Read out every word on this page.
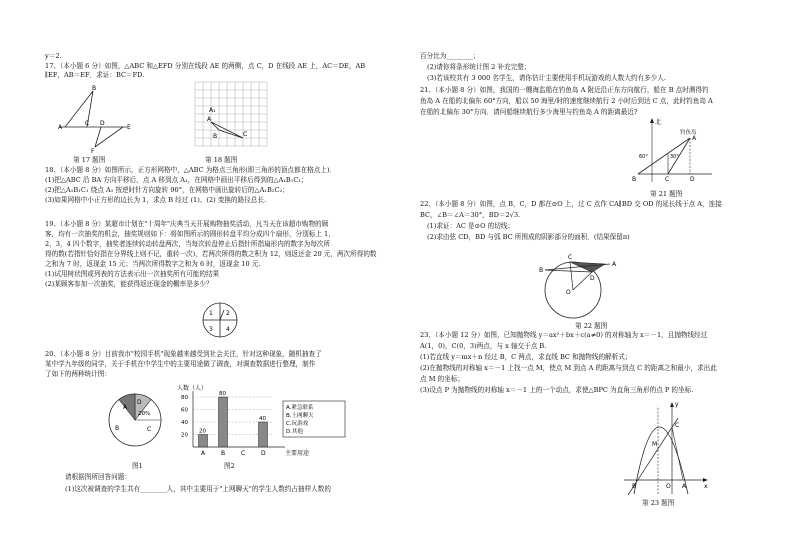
y＝2.
17、（本小题 6 分）如图，△ABC 和△EFD 分别在线段 AE 的两侧，点 C，D 在线段 AE 上，AC＝DE，AB
∥EF，AB＝EF．求证：BC＝FD.
A
B
C D
E
F
第 17 题图
A₁
A
B	C
第 18 题图
18、（本小题 8 分）如图所示，正方形网格中，△ABC 为格点三角形(即三角形的顶点都在格点上)．
(1)把△ABC 沿 BA 方向平移后，点 A 移到点 A₁，在网格中画出平移后得到的△A₁B₁C₁；
(2)把△A₁B₁C₁ 绕点 A₁ 按逆时针方向旋转 90°，在网格中画出旋转后的△A₁B₂C₂；
(3)如果网格中小正方形的边长为 1，求点 B 经过 (1)、(2) 变换的路径总长.
19、（本小题 8 分）某超市计划在"十周年"庆典当天开展购物抽奖活动，凡当天在该超市购物的顾
客，均有一次抽奖的机会，抽奖规则如下：将如图所示的圆形转盘平均分成四个扇形，分别标上 1，
2，3，4 四个数字，抽奖者连续转动转盘两次，当每次转盘停止后指针所指扇形内的数字为每次所
得的数(若指针恰好指在分界线上则不记，重转一次)，若两次所得的数之积为 12，则返还金 20 元，两次所得的数
之和为 7 时，返现金 15 元；当两次所得数字之和为 6 时，返现金 10 元.
(1)试用树状图或列表的方法表示出一次抽奖所有可能的结果
(2)某顾客参加一次抽奖，能获得返还现金的概率是多少？
1 2
3 4
20、（本小题 8 分）目前我市"校园手机"现象越来越受到社会关注，针对这种现象，随机抽查了
某中学九年级的同学，关于手机在中学生中的主要用途做了调查，对调查数据进行整理，制作
了如下的两种统计图：
A
B	C
D
20%
图1
人数（人）
主要用途
20
40
60
80
A
20
B
80
C	D
40
A.紧急联系
B.上网聊天
C.玩游戏
D.其他
图2
请根据图所回答问题：
(1)这次被调查的学生共有________人，其中主要用于"上网聊天"的学生人数约占抽样人数的
百分比为________；
(2)请你将条形统计图 2 补充完整；
(3)若该校共有 3 000 名学生，请你估计主要使用手机玩游戏的人数大约有多少人.
21、（本小题 8 分）如图，我国的一艘海监船在钓鱼岛 A 附近沿正东方向航行，船在 B 点时测得钓
鱼岛 A 在船的北偏东 60°方向，船以 50 海里/时的速度继续航行 2 小时后到达 C 点，此时钓鱼岛 A
在船的北偏东 30°方向．请问船继续航行多少海里与钓鱼岛 A 的距离最近?
北
钓鱼岛
60°	30°
A
B	C	D
第 21 题图
22、（本小题 8 分）如图，点 B，C，D 都在⊙O 上，过 C 点作 CA∥BD 交 OD 的延长线于点 A，连接
BC，∠B＝∠A＝30°，BD＝2√3.
(1)求证：AC 是⊙O 的切线；
(2)求由弦 CD，BD 与弧 BC 所围成的阴影部分的面积．(结果保留π)
A
B
C
D
O
第 22 题图
23、（本小题 12 分）如图，已知抛物线 y＝ax²＋bx＋c(a≠0) 的对称轴为 x＝－1，且抛物线经过
A(1，0)，C(0，3)两点，与 x 轴交于点 B.
(1)若直线 y＝mx＋n 经过 B，C 两点，求直线 BC 和抛物线的解析式；
(2)在抛物线的对称轴 x＝－1 上找一点 M，使点 M 到点 A 的距离与到点 C 的距离之和最小，求出此
点 M 的坐标；
(3)设点 P 为抛物线的对称轴 x＝－1 上的一个动点，求使△BPC 为直角三角形的点 P 的坐标.
y
x
O A
B
C
M
第 23 题图
